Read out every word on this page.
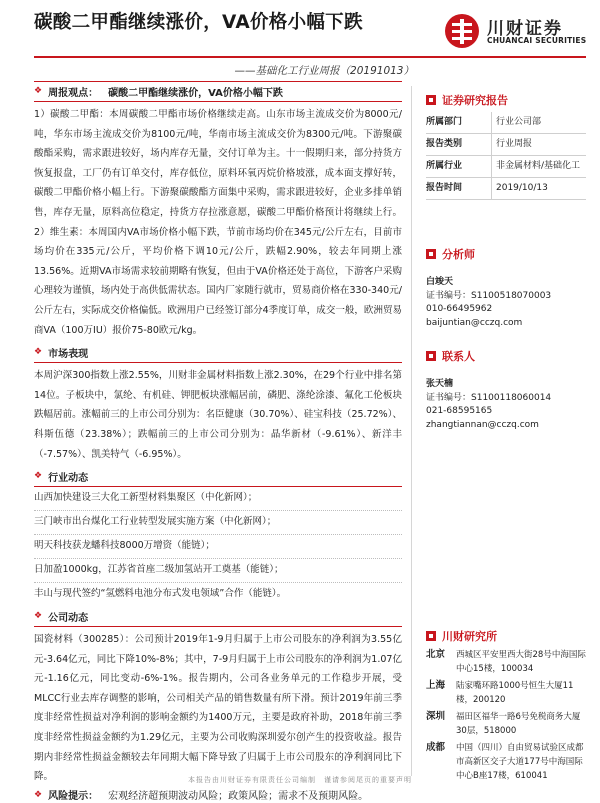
碳酸二甲酯继续涨价，VA价格小幅下跌	川财证券
CHUANCAI SECURITIES
——基础化工行业周报（20191013）
❖ 周报观点： 碳酸二甲酯继续涨价，VA价格小幅下跌

1）碳酸二甲酯：本周碳酸二甲酯市场价格继续走高。山东市场主流成交价为8000元/吨，华东市场主流成交价为8100元/吨，华南市场主流成交价为8300元/吨。下游聚碳酸酯采购，需求跟进较好，场内库存无量，交付订单为主。十一假期归来，部分持货方恢复报盘，工厂仍有订单交付，库存低位，原料环氧丙烷价格坡涨，成本面支撑好转，碳酸二甲酯价格小幅上行。下游聚碳酸酯方面集中采购，需求跟进较好，企业多排单销售，库存无量，原料高位稳定，持货方存拉涨意愿，碳酸二甲酯价格预计将继续上行。2）维生素：本周国内VA市场价格小幅下跌，节前市场均价在345元/公斤左右，目前市场均价在335元/公斤，平均价格下调10元/公斤，跌幅2.90%，较去年同期上涨13.56%。近期VA市场需求较前期略有恢复，但由于VA价格还处于高位，下游客户采购心理较为谨慎，场内处于高供低需状态。国内厂家随行就市，贸易商价格在330-340元/公斤左右，实际成交价格偏低。欧洲用户已经签订部分4季度订单，成交一般，欧洲贸易商VA（100万IU）报价75-80欧元/kg。

❖ 市场表现

本周沪深300指数上涨2.55%，川财非金属材料指数上涨2.30%，在29个行业中排名第14位。子板块中，氯纶、有机硅、钾肥板块涨幅居前，磷肥、涤纶涂漆、氟化工伦板块跌幅居前。涨幅前三的上市公司分别为：名臣健康（30.70%）、硅宝科技（25.72%）、科斯伍德（23.38%）；跌幅前三的上市公司分别为：晶华新材（-9.61%）、新洋丰（-7.57%）、凯美特气（-6.95%）。

❖ 行业动态
山西加快建设三大化工新型材料集聚区（中化新网）；
三门峡市出台煤化工行业转型发展实施方案（中化新网）；
明天科技获龙蟠科技8000万增资（能链）；
日加盈1000kg，江苏省首座二级加氢站开工奠基（能链）；
丰山与现代签约“氢燃料电池分布式发电领域”合作（能链）。
❖ 公司动态

国瓷材料（300285）：公司预计2019年1-9月归属于上市公司股东的净利润为3.55亿元-3.64亿元，同比下降10%-8%；其中，7-9月归属于上市公司股东的净利润为1.07亿元-1.16亿元，同比变动-6%-1%。报告期内，公司各业务单元的工作稳步开展，受MLCC行业去库存调整的影响，公司相关产品的销售数量有所下滑。预计2019年前三季度非经常性损益对净利润的影响金额约为1400万元，主要是政府补助，2018年前三季度非经常性损益金额约为1.29亿元，主要为公司收购深圳爱尔创产生的投资收益。报告期内非经常性损益金额较去年同期大幅下降导致了归属于上市公司股东的净利润同比下降。

❖ 风险提示： 宏观经济超预期波动风险；政策风险；需求不及预期风险。
证券研究报告
所属部门	行业公司部
报告类别	行业周报
所属行业	非金属材料/基础化工
报告时间	2019/10/13
分析师
白竣天
证书编号：S1100518070003
010-66495962
baijuntian@cczq.com
联系人
张天楠
证书编号：S1100118060014
021-68595165
zhangtiannan@cczq.com
川财研究所
北京	西城区平安里西大街28号中海国际中心15楼，100034
上海	陆家嘴环路1000号恒生大厦11楼，200120
深圳	福田区福华一路6号免税商务大厦30层，518000
成都	中国（四川）自由贸易试验区成都市高新区交子大道177号中海国际中心B座17楼，610041
本报告由川财证券有限责任公司编制　谨请参阅尾页的重要声明
